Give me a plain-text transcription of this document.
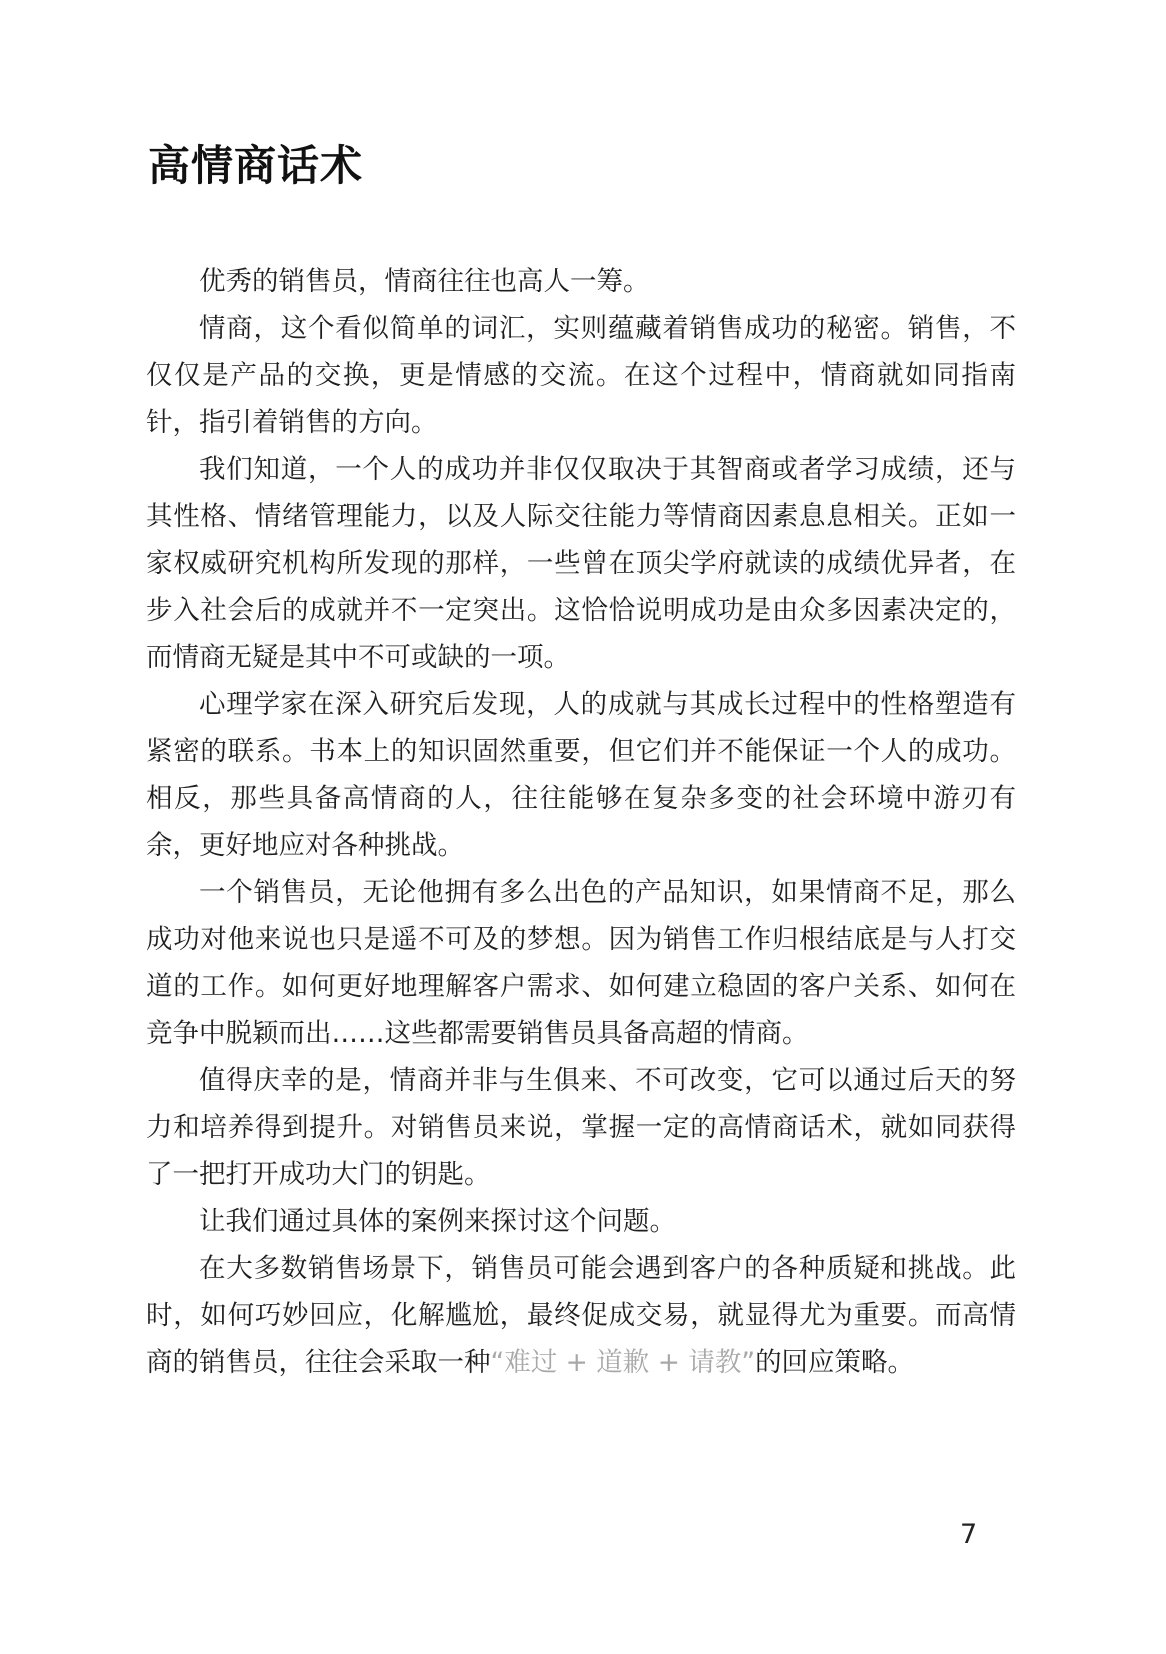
高情商话术

优秀的销售员，情商往往也高人一筹。

情商，这个看似简单的词汇，实则蕴藏着销售成功的秘密。销售，不仅仅是产品的交换，更是情感的交流。在这个过程中，情商就如同指南针，指引着销售的方向。

我们知道，一个人的成功并非仅仅取决于其智商或者学习成绩，还与其性格、情绪管理能力，以及人际交往能力等情商因素息息相关。正如一家权威研究机构所发现的那样，一些曾在顶尖学府就读的成绩优异者，在步入社会后的成就并不一定突出。这恰恰说明成功是由众多因素决定的，而情商无疑是其中不可或缺的一项。

心理学家在深入研究后发现，人的成就与其成长过程中的性格塑造有紧密的联系。书本上的知识固然重要，但它们并不能保证一个人的成功。相反，那些具备高情商的人，往往能够在复杂多变的社会环境中游刃有余，更好地应对各种挑战。

一个销售员，无论他拥有多么出色的产品知识，如果情商不足，那么成功对他来说也只是遥不可及的梦想。因为销售工作归根结底是与人打交道的工作。如何更好地理解客户需求、如何建立稳固的客户关系、如何在竞争中脱颖而出……这些都需要销售员具备高超的情商。

值得庆幸的是，情商并非与生俱来、不可改变，它可以通过后天的努力和培养得到提升。对销售员来说，掌握一定的高情商话术，就如同获得了一把打开成功大门的钥匙。

让我们通过具体的案例来探讨这个问题。

在大多数销售场景下，销售员可能会遇到客户的各种质疑和挑战。此时，如何巧妙回应，化解尴尬，最终促成交易，就显得尤为重要。而高情商的销售员，往往会采取一种“难过 + 道歉 + 请教”的回应策略。

7
